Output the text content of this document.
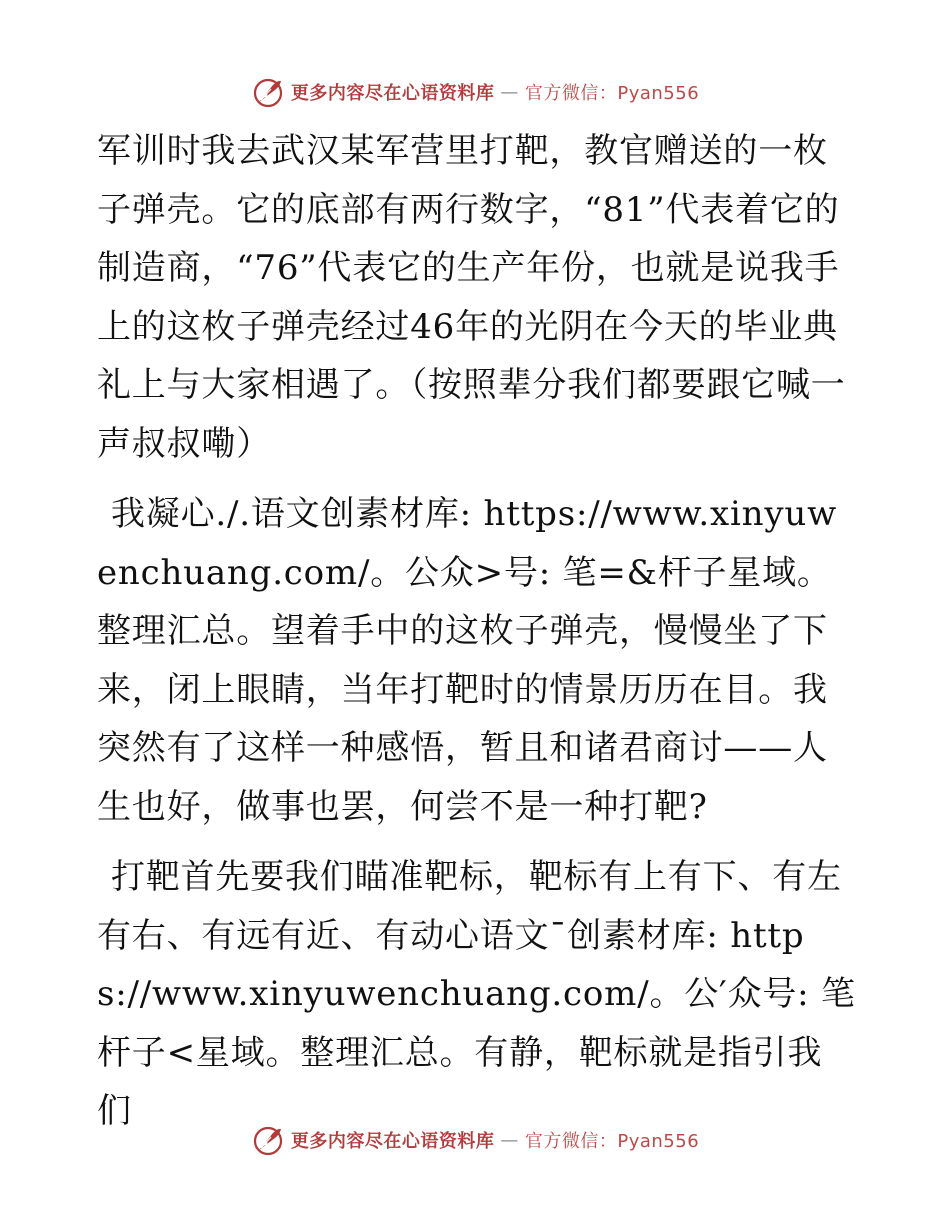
更多内容尽在心语资料库 — 官方微信：Pyan556

军训时我去武汉某军营里打靶，教官赠送的一枚子弹壳。它的底部有两行数字，“81”代表着它的制造商，“76”代表它的生产年份，也就是说我手上的这枚子弹壳经过46年的光阴在今天的毕业典礼上与大家相遇了。（按照辈分我们都要跟它喊一声叔叔嘞）

我凝心./.语文创素材库: https://www.xinyuwenchuang.com/。公众>号: 笔=&杆子星域。整理汇总。望着手中的这枚子弹壳，慢慢坐了下来，闭上眼睛，当年打靶时的情景历历在目。我突然有了这样一种感悟，暂且和诸君商讨——人生也好，做事也罢，何尝不是一种打靶?

打靶首先要我们瞄准靶标，靶标有上有下、有左有右、有远有近、有动心语文¯创素材库: https://www.xinyuwenchuang.com/。公′众号: 笔杆子<星域。整理汇总。有静，靶标就是指引我们

更多内容尽在心语资料库 — 官方微信：Pyan556
